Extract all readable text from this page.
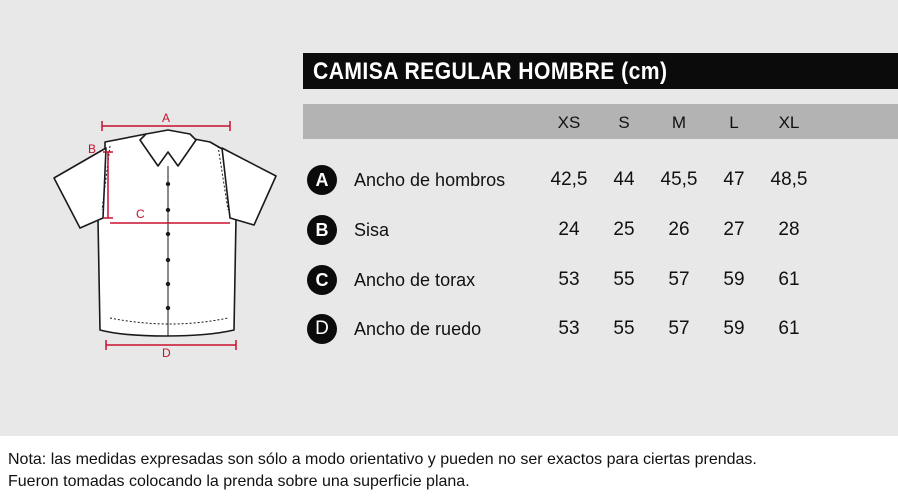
A
B
C
D
CAMISA REGULAR HOMBRE (cm)
XS	S	M	L	XL
A	Ancho de hombros	42,5	44	45,5	47	48,5
B	Sisa	24	25	26	27	28
C	Ancho de torax	53	55	57	59	61
D	Ancho de ruedo	53	55	57	59	61
Nota: las medidas expresadas son sólo a modo orientativo y pueden no ser exactos para ciertas prendas.
Fueron tomadas colocando la prenda sobre una superficie plana.
